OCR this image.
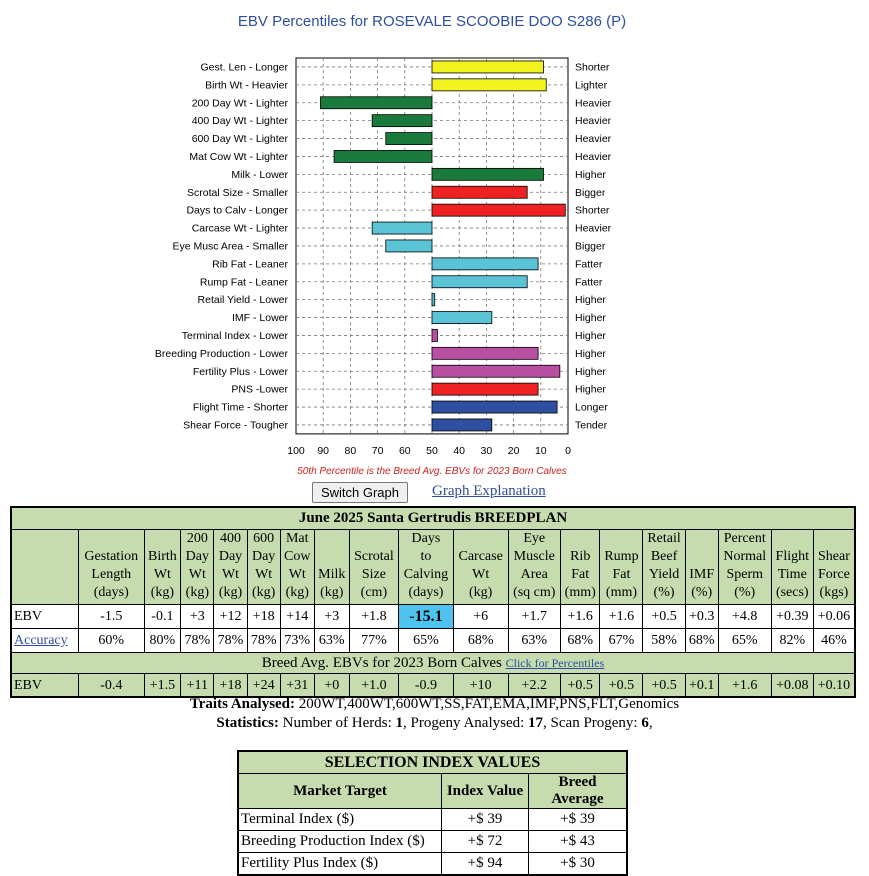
EBV Percentiles for ROSEVALE SCOOBIE DOO S286 (P)
Gest. Len - Longer
Birth Wt - Heavier
200 Day Wt - Lighter
400 Day Wt - Lighter
600 Day Wt - Lighter
Mat Cow Wt - Lighter
Milk - Lower
Scrotal Size - Smaller
Days to Calv - Longer
Carcase Wt - Lighter
Eye Musc Area - Smaller
Rib Fat - Leaner
Rump Fat - Leaner
Retail Yield - Lower
IMF - Lower
Terminal Index - Lower
Breeding Production - Lower
Fertility Plus - Lower
PNS -Lower
Flight Time - Shorter
Shear Force - Tougher
Shorter
Lighter
Heavier
Heavier
Heavier
Heavier
Higher
Bigger
Shorter
Heavier
Bigger
Fatter
Fatter
Higher
Higher
Higher
Higher
Higher
Higher
Longer
Tender
100 90 80 70 60 50 40 30 20 10 0
50th Percentile is the Breed Avg. EBVs for 2023 Born Calves
Switch Graph	Graph Explanation
June 2025 Santa Gertrudis BREEDPLAN																		
	Gestation
Length
(days)	Birth
Wt
(kg)	200
Day
Wt
(kg)	400
Day
Wt
(kg)	600
Day
Wt
(kg)	Mat
Cow
Wt
(kg)	Milk
(kg)	Scrotal
Size
(cm)	Days
to
Calving
(days)	Carcase
Wt
(kg)	Eye
Muscle
Area
(sq cm)	Rib
Fat
(mm)	Rump
Fat
(mm)	Retail
Beef
Yield
(%)	IMF
(%)	Percent
Normal
Sperm
(%)	Flight
Time
(secs)	Shear
Force
(kgs)
EBV	-1.5	-0.1	+3	+12	+18	+14	+3	+1.8	-15.1	+6	+1.7	+1.6	+1.6	+0.5	+0.3	+4.8	+0.39	+0.06
Accuracy	60%	80%	78%	78%	78%	73%	63%	77%	65%	68%	63%	68%	67%	58%	68%	65%	82%	46%
Breed Avg. EBVs for 2023 Born Calves Click for Percentiles																		
EBV	-0.4	+1.5	+11	+18	+24	+31	+0	+1.0	-0.9	+10	+2.2	+0.5	+0.5	+0.5	+0.1	+1.6	+0.08	+0.10
Traits Analysed: 200WT,400WT,600WT,SS,FAT,EMA,IMF,PNS,FLT,Genomics
Statistics: Number of Herds: 1, Progeny Analysed: 17, Scan Progeny: 6,
SELECTION INDEX VALUES		
Market Target	Index Value	Breed Average
Terminal Index ($)	+$ 39	+$ 39
Breeding Production Index ($)	+$ 72	+$ 43
Fertility Plus Index ($)	+$ 94	+$ 30
